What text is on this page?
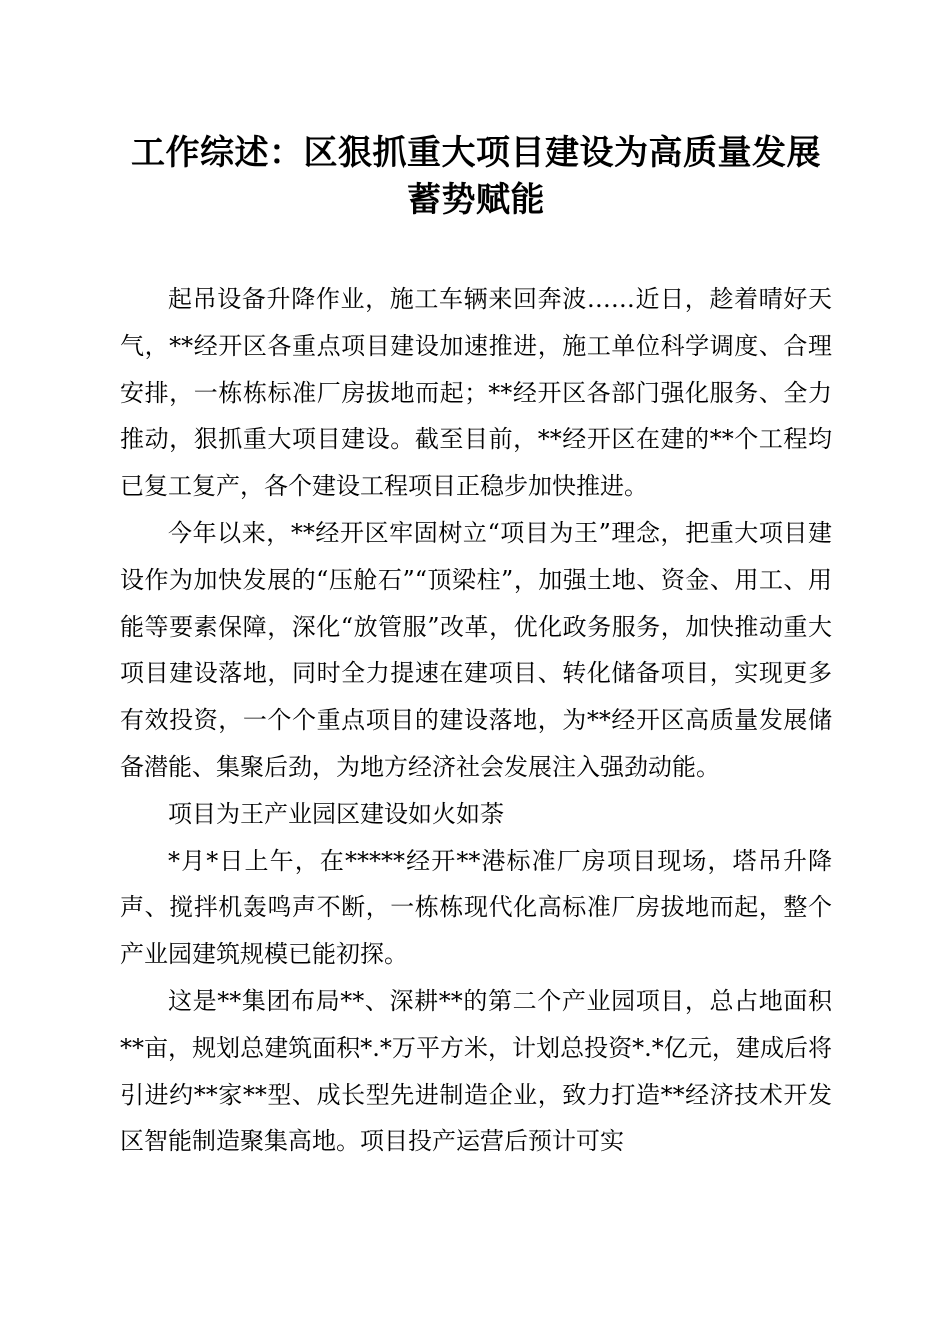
工作综述：区狠抓重大项目建设为高质量发展
蓄势赋能

起吊设备升降作业，施工车辆来回奔波……近日，趁着晴好天气，**经开区各重点项目建设加速推进，施工单位科学调度、合理安排，一栋栋标准厂房拔地而起；**经开区各部门强化服务、全力推动，狠抓重大项目建设。截至目前，**经开区在建的**个工程均已复工复产，各个建设工程项目正稳步加快推进。

今年以来，**经开区牢固树立“项目为王”理念，把重大项目建设作为加快发展的“压舱石”“顶梁柱”，加强土地、资金、用工、用能等要素保障，深化“放管服”改革，优化政务服务，加快推动重大项目建设落地，同时全力提速在建项目、转化储备项目，实现更多有效投资，一个个重点项目的建设落地，为**经开区高质量发展储备潜能、集聚后劲，为地方经济社会发展注入强劲动能。

项目为王产业园区建设如火如荼

*月*日上午，在*****经开**港标准厂房项目现场，塔吊升降声、搅拌机轰鸣声不断，一栋栋现代化高标准厂房拔地而起，整个产业园建筑规模已能初探。

这是**集团布局**、深耕**的第二个产业园项目，总占地面积**亩，规划总建筑面积*.*万平方米，计划总投资*.*亿元，建成后将引进约**家**型、成长型先进制造企业，致力打造**经济技术开发区智能制造聚集高地。项目投产运营后预计可实
